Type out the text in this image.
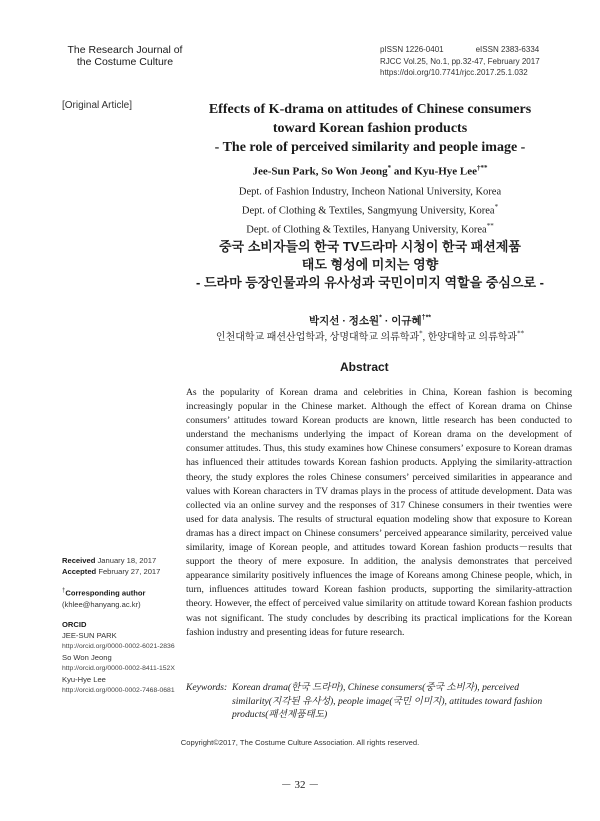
The Research Journal of
the Costume Culture
pISSN 1226-0401	eISSN 2383-6334
RJCC Vol.25, No.1, pp.32-47, February 2017
https://doi.org/10.7741/rjcc.2017.25.1.032
[Original Article]	Effects of K-drama on attitudes of Chinese consumers
toward Korean fashion products
- The role of perceived similarity and people image -
Jee-Sun Park, So Won Jeong* and Kyu-Hye Lee†**
Dept. of Fashion Industry, Incheon National University, Korea
Dept. of Clothing & Textiles, Sangmyung University, Korea*
Dept. of Clothing & Textiles, Hanyang University, Korea**
중국 소비자들의 한국 TV드라마 시청이 한국 패션제품
태도 형성에 미치는 영향
- 드라마 등장인물과의 유사성과 국민이미지 역할을 중심으로 -
박지선 · 정소원* · 이규혜†**
인천대학교 패션산업학과, 상명대학교 의류학과*, 한양대학교 의류학과**
Abstract
As the popularity of Korean drama and celebrities in China, Korean fashion is becoming increasingly popular in the Chinese market. Although the effect of Korean drama on Chinse consumers’ attitudes toward Korean products are known, little research has been conducted to understand the mechanisms underlying the impact of Korean drama on the development of consumer attitudes. Thus, this study examines how Chinese consumers’ exposure to Korean dramas has influenced their attitudes towards Korean fashion products. Applying the similarity-attraction theory, the study explores the roles Chinese consumers’ perceived similarities in appearance and values with Korean characters in TV dramas plays in the process of attitude development. Data was collected via an online survey and the responses of 317 Chinese consumers in their twenties were used for data analysis. The results of structural equation modeling show that exposure to Korean dramas has a direct impact on Chinese consumers’ perceived appearance similarity, perceived value similarity, image of Korean people, and attitudes toward Korean fashion products－results that support the theory of mere exposure. In addition, the analysis demonstrates that perceived appearance similarity positively influences the image of Koreans among Chinese people, which, in turn, influences attitudes toward Korean fashion products, supporting the similarity-attraction theory. However, the effect of perceived value similarity on attitude toward Korean fashion products was not significant. The study concludes by describing its practical implications for the Korean fashion industry and presenting ideas for future research.
Keywords: Korean drama(한국 드라마), Chinese consumers(중국 소비자), perceived similarity(지각된 유사성), people image(국민 이미지), attitudes toward fashion products(패션제품태도)
Received January 18, 2017
Accepted February 27, 2017
†Corresponding author
(khlee@hanyang.ac.kr)
ORCID
JEE-SUN PARK
http://orcid.org/0000-0002-6021-2836
So Won Jeong
http://orcid.org/0000-0002-8411-152X
Kyu-Hye Lee
http://orcid.org/0000-0002-7468-0681
Copyright©2017, The Costume Culture Association. All rights reserved.
－ 32 －
